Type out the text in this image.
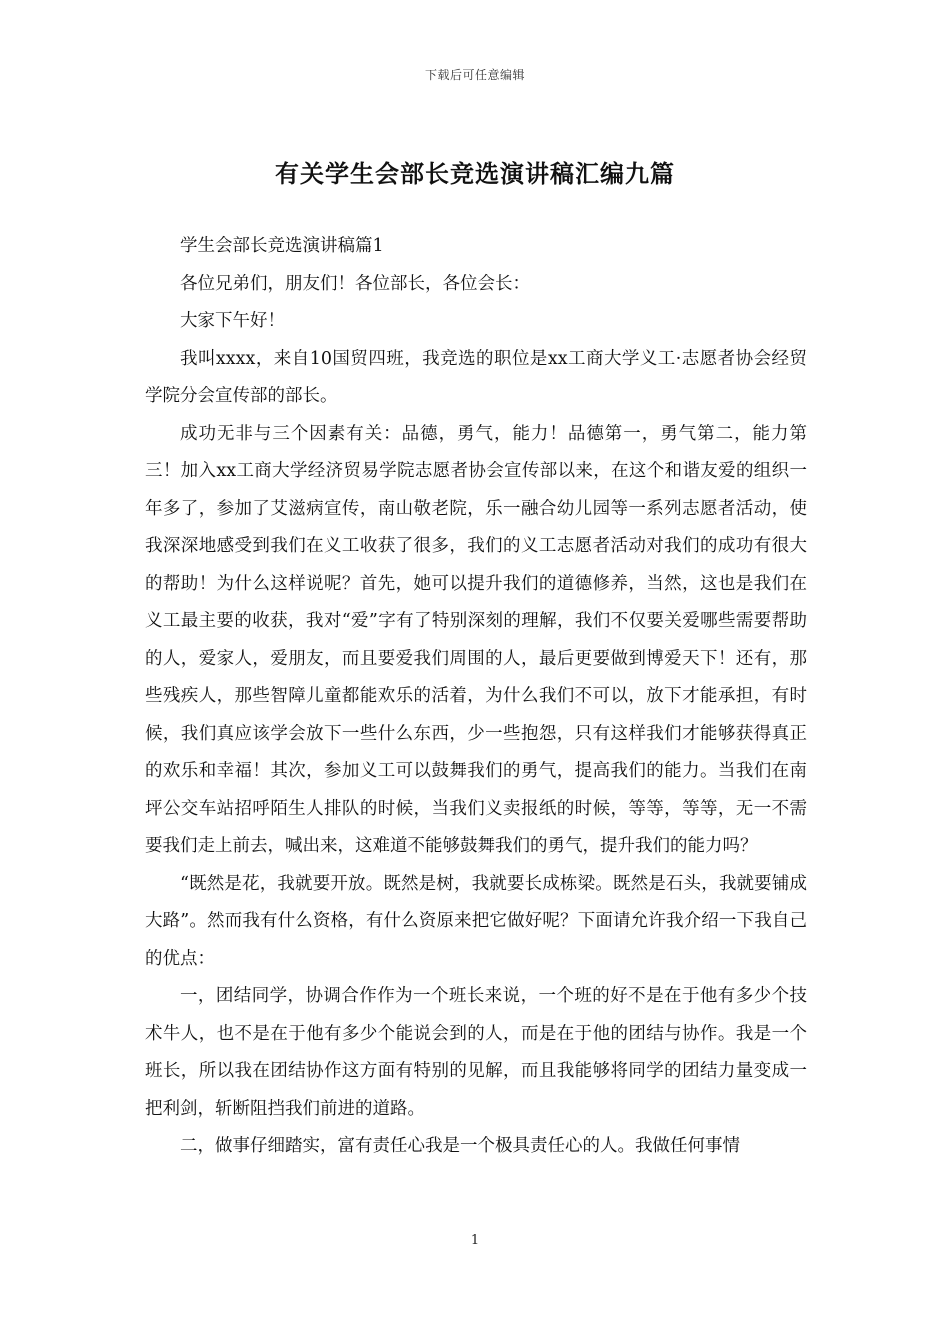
下载后可任意编辑
有关学生会部长竞选演讲稿汇编九篇

学生会部长竞选演讲稿篇1

各位兄弟们，朋友们！各位部长，各位会长：

大家下午好！

我叫xxxx，来自10国贸四班，我竞选的职位是xx工商大学义工·志愿者协会经贸学院分会宣传部的部长。

成功无非与三个因素有关：品德，勇气，能力！品德第一，勇气第二，能力第三！加入xx工商大学经济贸易学院志愿者协会宣传部以来，在这个和谐友爱的组织一年多了，参加了艾滋病宣传，南山敬老院，乐一融合幼儿园等一系列志愿者活动，使我深深地感受到我们在义工收获了很多，我们的义工志愿者活动对我们的成功有很大的帮助！为什么这样说呢？首先，她可以提升我们的道德修养，当然，这也是我们在义工最主要的收获，我对“爱”字有了特别深刻的理解，我们不仅要关爱哪些需要帮助的人，爱家人，爱朋友，而且要爱我们周围的人，最后更要做到博爱天下！还有，那些残疾人，那些智障儿童都能欢乐的活着，为什么我们不可以，放下才能承担，有时候，我们真应该学会放下一些什么东西，少一些抱怨，只有这样我们才能够获得真正的欢乐和幸福！其次，参加义工可以鼓舞我们的勇气，提高我们的能力。当我们在南坪公交车站招呼陌生人排队的时候，当我们义卖报纸的时候，等等，等等，无一不需要我们走上前去，喊出来，这难道不能够鼓舞我们的勇气，提升我们的能力吗？

“既然是花，我就要开放。既然是树，我就要长成栋梁。既然是石头，我就要铺成大路”。然而我有什么资格，有什么资原来把它做好呢？下面请允许我介绍一下我自己的优点：

一，团结同学，协调合作作为一个班长来说，一个班的好不是在于他有多少个技术牛人，也不是在于他有多少个能说会到的人，而是在于他的团结与协作。我是一个班长，所以我在团结协作这方面有特别的见解，而且我能够将同学的团结力量变成一把利剑，斩断阻挡我们前进的道路。

二，做事仔细踏实，富有责任心我是一个极具责任心的人。我做任何事情

1
